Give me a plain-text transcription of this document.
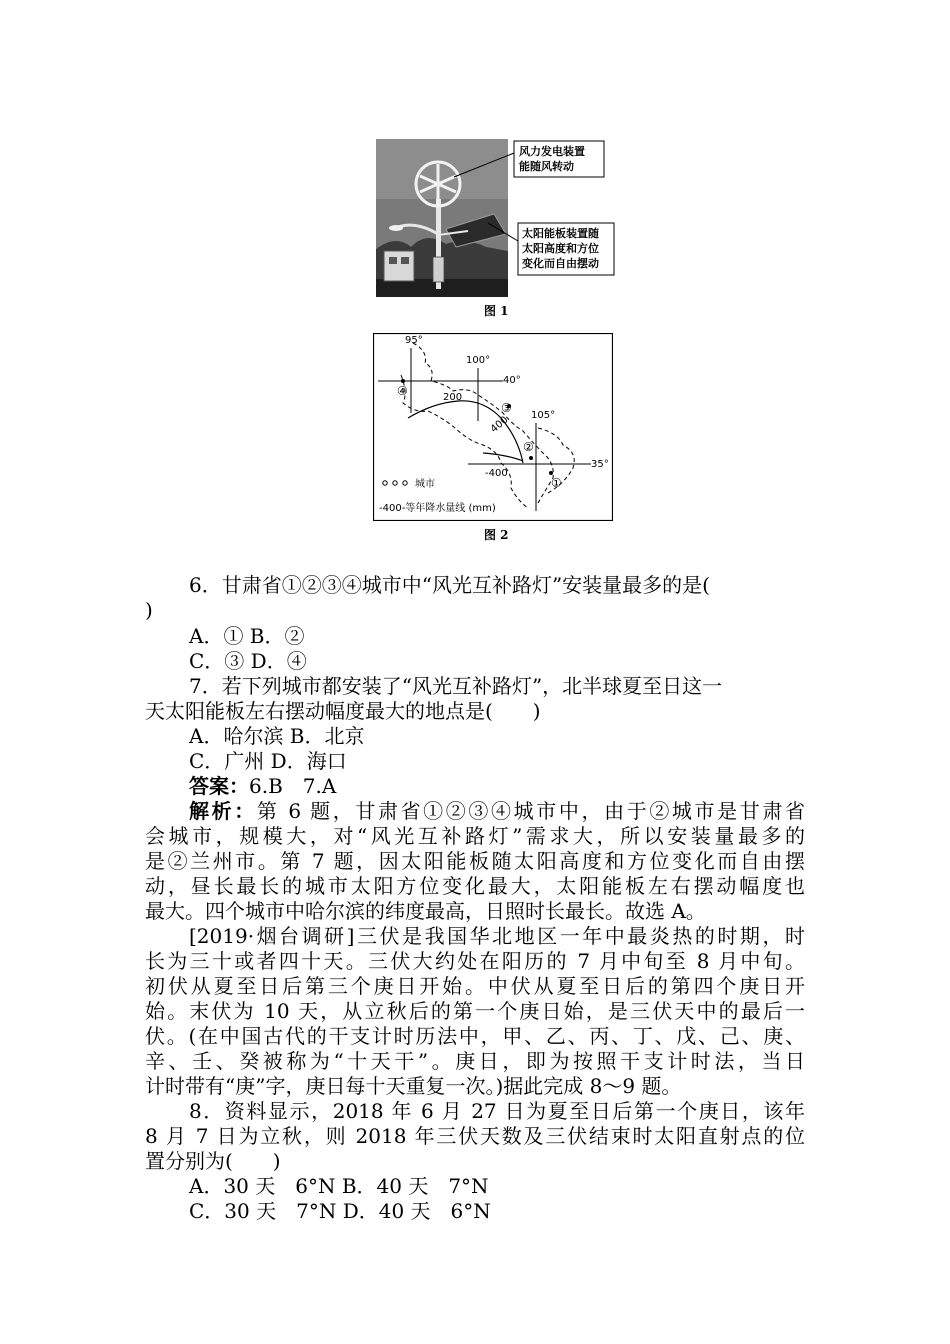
风力发电装置
能随风转动
太阳能板装置随
太阳高度和方位
变化而自由摆动
图 1
95°
100°
105°
40°
35°
200
400
-400
④
③
②
①
城市
-400-等年降水量线 (mm)
图 2
6．甘肃省①②③④城市中“风光互补路灯”安装量最多的是(
)
A．① B．②
C．③ D．④
7．若下列城市都安装了“风光互补路灯”，北半球夏至日这一
天太阳能板左右摆动幅度最大的地点是(　　)
A．哈尔滨 B．北京
C．广州 D．海口
答案：6.B　7.A
解析：第 6 题，甘肃省①②③④城市中，由于②城市是甘肃省
会城市，规模大，对“风光互补路灯”需求大，所以安装量最多的
是②兰州市。第 7 题，因太阳能板随太阳高度和方位变化而自由摆
动，昼长最长的城市太阳方位变化最大，太阳能板左右摆动幅度也
最大。四个城市中哈尔滨的纬度最高，日照时长最长。故选 A。
[2019·烟台调研]三伏是我国华北地区一年中最炎热的时期，时
长为三十或者四十天。三伏大约处在阳历的 7 月中旬至 8 月中旬。
初伏从夏至日后第三个庚日开始。中伏从夏至日后的第四个庚日开
始。末伏为 10 天，从立秋后的第一个庚日始，是三伏天中的最后一
伏。(在中国古代的干支计时历法中，甲、乙、丙、丁、戊、己、庚、
辛、壬、癸被称为“十天干”。庚日，即为按照干支计时法，当日
计时带有“庚”字，庚日每十天重复一次。)据此完成 8～9 题。
8．资料显示，2018 年 6 月 27 日为夏至日后第一个庚日，该年
8 月 7 日为立秋，则 2018 年三伏天数及三伏结束时太阳直射点的位
置分别为(　　)
A．30 天　6°N B．40 天　7°N
C．30 天　7°N D．40 天　6°N
